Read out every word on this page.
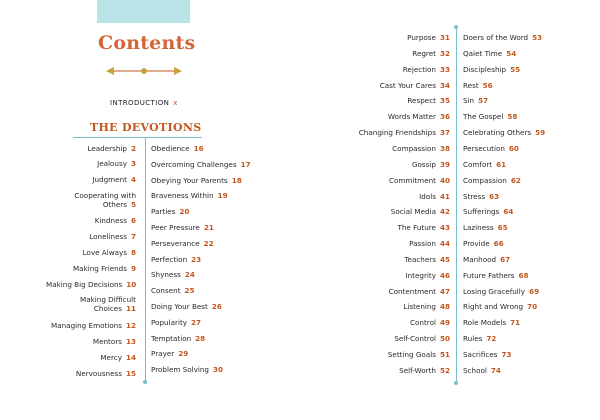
Contents
INTRODUCTION x
THE DEVOTIONS
Leadership 2
Jealousy 3
Judgment 4
Cooperating with
Others 5
Kindness 6
Loneliness 7
Love Always 8
Making Friends 9
Making Big Decisions 10
Making Difficult
Choices 11
Managing Emotions 12
Mentors 13
Mercy 14
Nervousness 15
Obedience 16
Overcoming Challenges 17
Obeying Your Parents 18
Braveness Within 19
Parties 20
Peer Pressure 21
Perseverance 22
Perfection 23
Shyness 24
Consent 25
Doing Your Best 26
Popularity 27
Temptation 28
Prayer 29
Problem Solving 30
Purpose 31
Regret 32
Rejection 33
Cast Your Cares 34
Respect 35
Words Matter 36
Changing Friendships 37
Compassion 38
Gossip 39
Commitment 40
Idols 41
Social Media 42
The Future 43
Passion 44
Teachers 45
Integrity 46
Contentment 47
Listening 48
Control 49
Self-Control 50
Setting Goals 51
Self-Worth 52
Doers of the Word 53
Qaiet Time 54
Discipleship 55
Rest 56
Sin 57
The Gospel 58
Celebrating Others 59
Persecution 60
Comfort 61
Compassion 62
Stress 63
Sufferings 64
Laziness 65
Provide 66
Manhood 67
Future Fathers 68
Losing Gracefully 69
Right and Wrong 70
Role Models 71
Rules 72
Sacrifices 73
School 74
